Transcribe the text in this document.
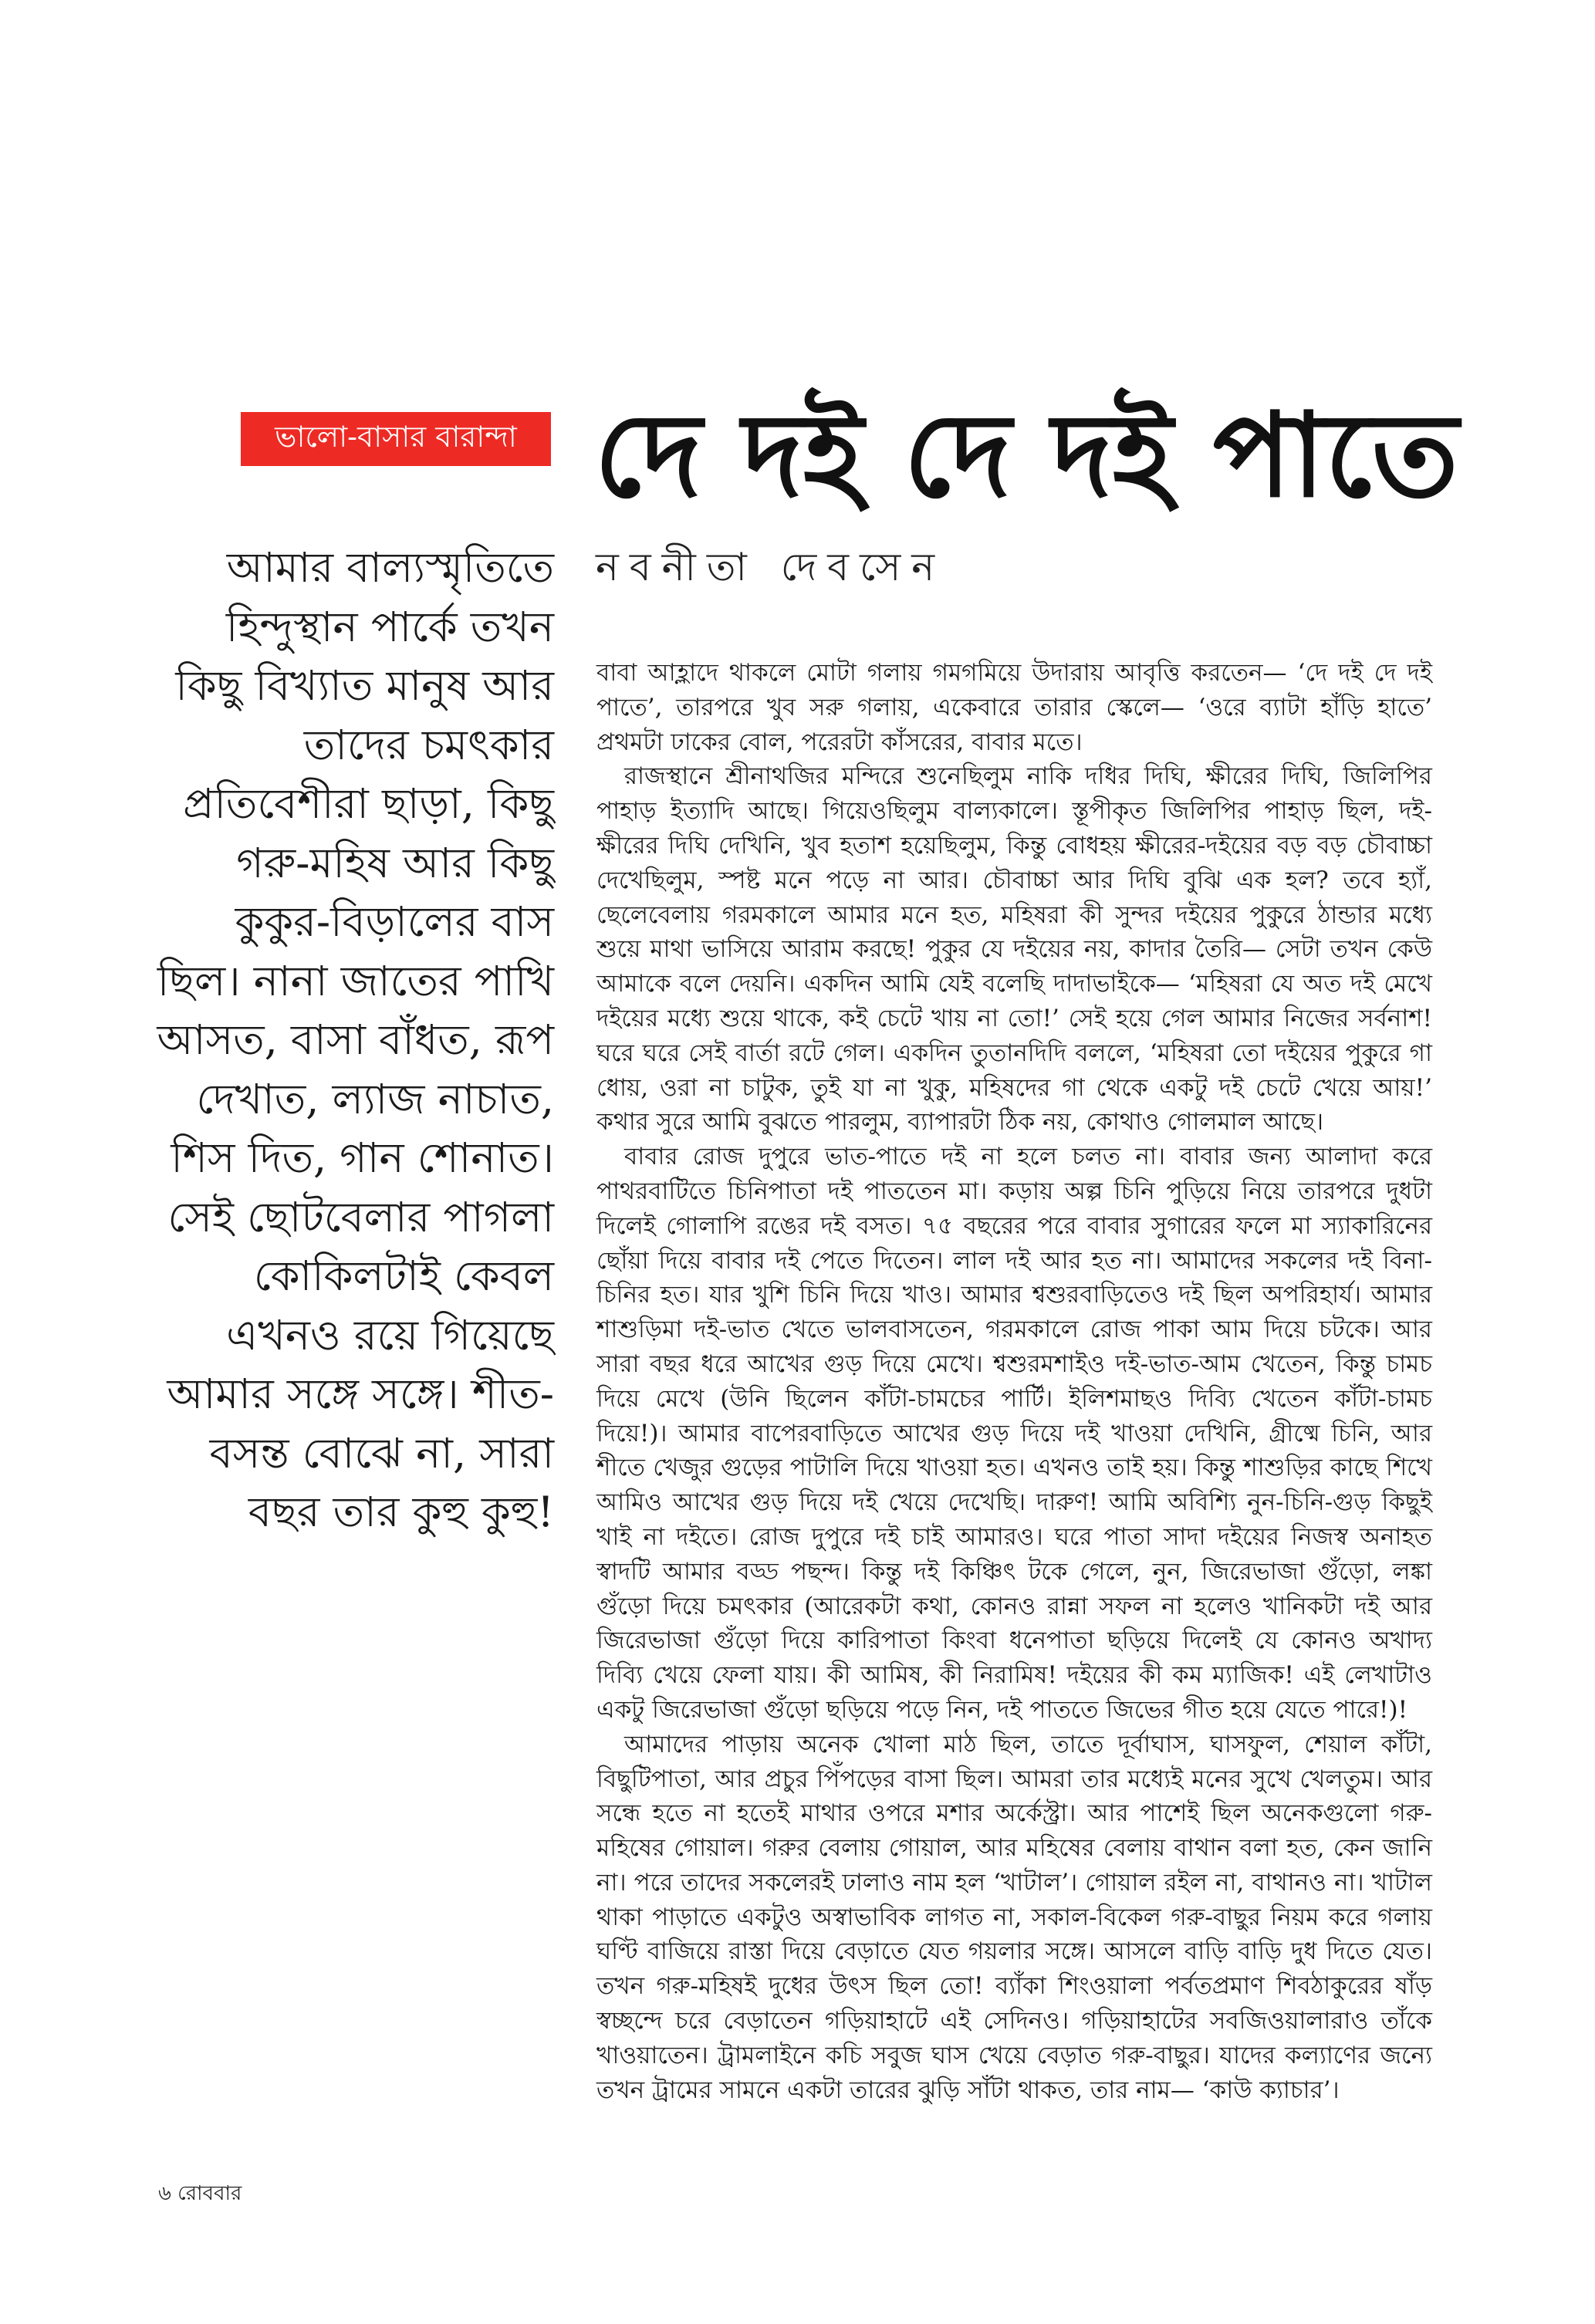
ভালো-বাসার বারান্দা দে দই দে দই পাতে
নবনীতা দেবসেন
আমার বাল্যস্মৃতিতে
হিন্দুস্থান পার্কে তখন
কিছু বিখ্যাত মানুষ আর
তাদের চমৎকার
প্রতিবেশীরা ছাড়া, কিছু
গরু-মহিষ আর কিছু
কুকুর-বিড়ালের বাস
ছিল। নানা জাতের পাখি
আসত, বাসা বাঁধত, রূপ
দেখাত, ল্যাজ নাচাত,
শিস দিত, গান শোনাত।
সেই ছোটবেলার পাগলা
কোকিলটাই কেবল
এখনও রয়ে গিয়েছে
আমার সঙ্গে সঙ্গে। শীত-
বসন্ত বোঝে না, সারা
বছর তার কুহু কুহু!

বাবা আহ্লাদে থাকলে মোটা গলায় গমগমিয়ে উদারায় আবৃত্তি করতেন— ‘দে দই দে দই পাতে’, তারপরে খুব সরু গলায়, একেবারে তারার স্কেলে— ‘ওরে ব্যাটা হাঁড়ি হাতে’ প্রথমটা ঢাকের বোল, পরেরটা কাঁসরের, বাবার মতে।

রাজস্থানে শ্রীনাথজির মন্দিরে শুনেছিলুম নাকি দধির দিঘি, ক্ষীরের দিঘি, জিলিপির পাহাড় ইত্যাদি আছে। গিয়েওছিলুম বাল্যকালে। স্তূপীকৃত জিলিপির পাহাড় ছিল, দই-ক্ষীরের দিঘি দেখিনি, খুব হতাশ হয়েছিলুম, কিন্তু বোধহয় ক্ষীরের-দইয়ের বড় বড় চৌবাচ্চা দেখেছিলুম, স্পষ্ট মনে পড়ে না আর। চৌবাচ্চা আর দিঘি বুঝি এক হল? তবে হ্যাঁ, ছেলেবেলায় গরমকালে আমার মনে হত, মহিষরা কী সুন্দর দইয়ের পুকুরে ঠান্ডার মধ্যে শুয়ে মাথা ভাসিয়ে আরাম করছে! পুকুর যে দইয়ের নয়, কাদার তৈরি— সেটা তখন কেউ আমাকে বলে দেয়নি। একদিন আমি যেই বলেছি দাদাভাইকে— ‘মহিষরা যে অত দই মেখে দইয়ের মধ্যে শুয়ে থাকে, কই চেটে খায় না তো!’ সেই হয়ে গেল আমার নিজের সর্বনাশ! ঘরে ঘরে সেই বার্তা রটে গেল। একদিন তুতানদিদি বললে, ‘মহিষরা তো দইয়ের পুকুরে গা ধোয়, ওরা না চাটুক, তুই যা না খুকু, মহিষদের গা থেকে একটু দই চেটে খেয়ে আয়!’ কথার সুরে আমি বুঝতে পারলুম, ব্যাপারটা ঠিক নয়, কোথাও গোলমাল আছে।

বাবার রোজ দুপুরে ভাত-পাতে দই না হলে চলত না। বাবার জন্য আলাদা করে পাথরবাটিতে চিনিপাতা দই পাততেন মা। কড়ায় অল্প চিনি পুড়িয়ে নিয়ে তারপরে দুধটা দিলেই গোলাপি রঙের দই বসত। ৭৫ বছরের পরে বাবার সুগারের ফলে মা স্যাকারিনের ছোঁয়া দিয়ে বাবার দই পেতে দিতেন। লাল দই আর হত না। আমাদের সকলের দই বিনা-চিনির হত। যার খুশি চিনি দিয়ে খাও। আমার শ্বশুরবাড়িতেও দই ছিল অপরিহার্য। আমার শাশুড়িমা দই-ভাত খেতে ভালবাসতেন, গরমকালে রোজ পাকা আম দিয়ে চটকে। আর সারা বছর ধরে আখের গুড় দিয়ে মেখে। শ্বশুরমশাইও দই-ভাত-আম খেতেন, কিন্তু চামচ দিয়ে মেখে (উনি ছিলেন কাঁটা-চামচের পার্টি। ইলিশমাছও দিব্যি খেতেন কাঁটা-চামচ দিয়ে!)। আমার বাপেরবাড়িতে আখের গুড় দিয়ে দই খাওয়া দেখিনি, গ্রীষ্মে চিনি, আর শীতে খেজুর গুড়ের পাটালি দিয়ে খাওয়া হত। এখনও তাই হয়। কিন্তু শাশুড়ির কাছে শিখে আমিও আখের গুড় দিয়ে দই খেয়ে দেখেছি। দারুণ! আমি অবিশ্যি নুন-চিনি-গুড় কিছুই খাই না দইতে। রোজ দুপুরে দই চাই আমারও। ঘরে পাতা সাদা দইয়ের নিজস্ব অনাহত স্বাদটি আমার বড্ড পছন্দ। কিন্তু দই কিঞ্চিৎ টকে গেলে, নুন, জিরেভাজা গুঁড়ো, লঙ্কা গুঁড়ো দিয়ে চমৎকার (আরেকটা কথা, কোনও রান্না সফল না হলেও খানিকটা দই আর জিরেভাজা গুঁড়ো দিয়ে কারিপাতা কিংবা ধনেপাতা ছড়িয়ে দিলেই যে কোনও অখাদ্য দিব্যি খেয়ে ফেলা যায়। কী আমিষ, কী নিরামিষ! দইয়ের কী কম ম্যাজিক! এই লেখাটাও একটু জিরেভাজা গুঁড়ো ছড়িয়ে পড়ে নিন, দই পাততে জিভের গীত হয়ে যেতে পারে!)!

আমাদের পাড়ায় অনেক খোলা মাঠ ছিল, তাতে দূর্বাঘাস, ঘাসফুল, শেয়াল কাঁটা, বিছুটিপাতা, আর প্রচুর পিঁপড়ের বাসা ছিল। আমরা তার মধ্যেই মনের সুখে খেলতুম। আর সন্ধে হতে না হতেই মাথার ওপরে মশার অর্কেস্ট্রা। আর পাশেই ছিল অনেকগুলো গরু-মহিষের গোয়াল। গরুর বেলায় গোয়াল, আর মহিষের বেলায় বাথান বলা হত, কেন জানি না। পরে তাদের সকলেরই ঢালাও নাম হল ‘খাটাল’। গোয়াল রইল না, বাথানও না। খাটাল থাকা পাড়াতে একটুও অস্বাভাবিক লাগত না, সকাল-বিকেল গরু-বাছুর নিয়ম করে গলায় ঘণ্টি বাজিয়ে রাস্তা দিয়ে বেড়াতে যেত গয়লার সঙ্গে। আসলে বাড়ি বাড়ি দুধ দিতে যেত। তখন গরু-মহিষই দুধের উৎস ছিল তো! ব্যাঁকা শিংওয়ালা পর্বতপ্রমাণ শিবঠাকুরের ষাঁড় স্বচ্ছন্দে চরে বেড়াতেন গড়িয়াহাটে এই সেদিনও। গড়িয়াহাটের সবজিওয়ালারাও তাঁকে খাওয়াতেন। ট্রামলাইনে কচি সবুজ ঘাস খেয়ে বেড়াত গরু-বাছুর। যাদের কল্যাণের জন্যে তখন ট্রামের সামনে একটা তারের ঝুড়ি সাঁটা থাকত, তার নাম— ‘কাউ ক্যাচার’।

৬ রোববার
